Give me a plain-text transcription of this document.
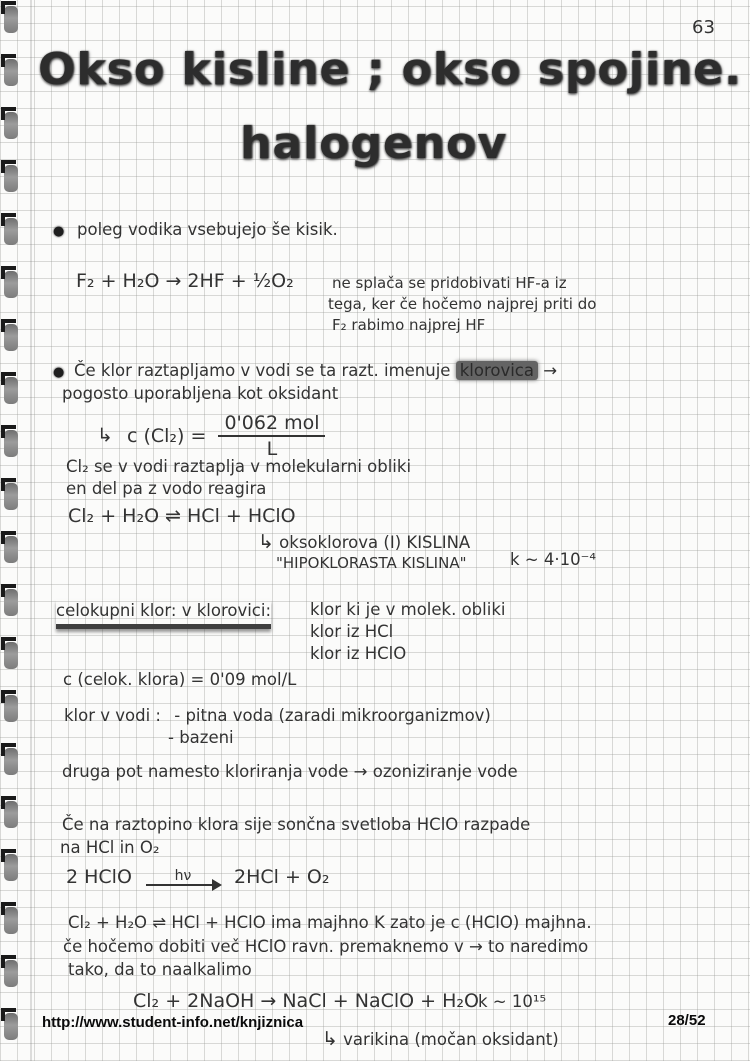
63
Okso kisline ; okso spojine.
halogenov
● poleg vodika vsebujejo še kisik.
F₂ + H₂O → 2HF + ½O₂	ne splača se pridobivati HF-a iz
tega, ker če hočemo najprej priti do
F₂ rabimo najprej HF
● Če klor raztapljamo v vodi se ta razt. imenuje klorovica →
pogosto uporabljena kot oksidant
↳ c $(Cl_2) = \frac{\text{0'062 mol}}{L}$
Cl₂ se v vodi raztaplja v molekularni obliki
en del pa z vodo reagira
Cl₂ + H₂O ⇌ HCl + HClO
↳ oksoklorova (I) KISLINA
"HIPOKLORASTA KISLINA"	k ~ 4·10⁻⁴
celokupni klor: v klorovici: klor ki je v molek. obliki
klor iz HCl
klor iz HClO
c (celok. klora) = 0'09 mol/L
klor v vodi : - pitna voda (zaradi mikroorganizmov)
- bazeni
druga pot namesto kloriranja vode → ozoniziranje vode
Če na raztopino klora sije sončna svetloba HClO razpade
na HCl in O₂
2 HClO	hν 2HCl + O₂
Cl₂ + H₂O ⇌ HCl + HClO ima majhno K zato je c (HClO) majhna.
če hočemo dobiti več HClO ravn. premaknemo v → to naredimo
tako, da to naalkalimo
Cl₂ + 2NaOH → NaCl + NaClO + H₂O k ~ 10¹⁵
↳ varikina (močan oksidant)
http://www.student-info.net/knjiznica	28/52
